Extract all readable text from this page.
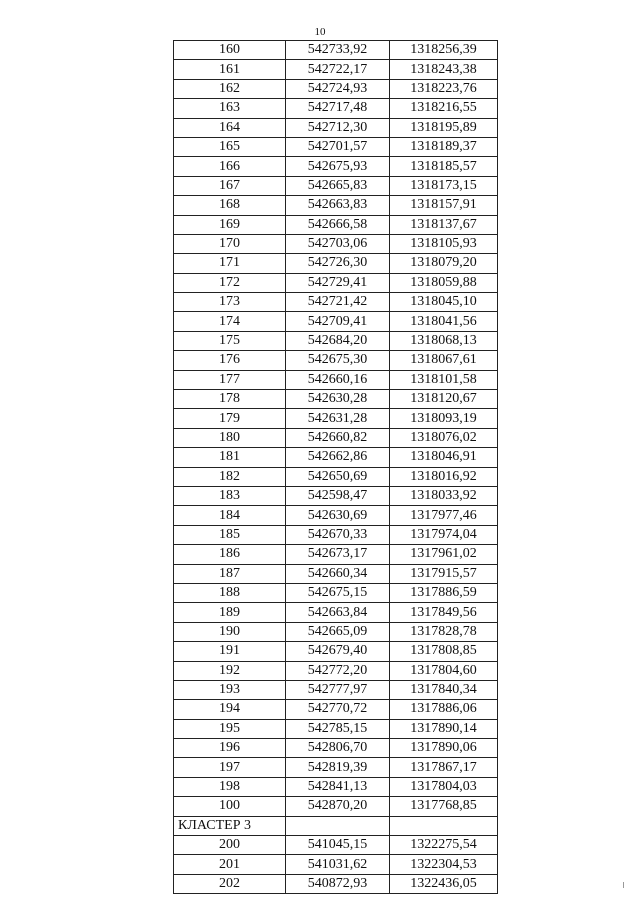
10
160	542733,92	1318256,39
161	542722,17	1318243,38
162	542724,93	1318223,76
163	542717,48	1318216,55
164	542712,30	1318195,89
165	542701,57	1318189,37
166	542675,93	1318185,57
167	542665,83	1318173,15
168	542663,83	1318157,91
169	542666,58	1318137,67
170	542703,06	1318105,93
171	542726,30	1318079,20
172	542729,41	1318059,88
173	542721,42	1318045,10
174	542709,41	1318041,56
175	542684,20	1318068,13
176	542675,30	1318067,61
177	542660,16	1318101,58
178	542630,28	1318120,67
179	542631,28	1318093,19
180	542660,82	1318076,02
181	542662,86	1318046,91
182	542650,69	1318016,92
183	542598,47	1318033,92
184	542630,69	1317977,46
185	542670,33	1317974,04
186	542673,17	1317961,02
187	542660,34	1317915,57
188	542675,15	1317886,59
189	542663,84	1317849,56
190	542665,09	1317828,78
191	542679,40	1317808,85
192	542772,20	1317804,60
193	542777,97	1317840,34
194	542770,72	1317886,06
195	542785,15	1317890,14
196	542806,70	1317890,06
197	542819,39	1317867,17
198	542841,13	1317804,03
100	542870,20	1317768,85
КЛАСТЕР 3		
200	541045,15	1322275,54
201	541031,62	1322304,53
202	540872,93	1322436,05
